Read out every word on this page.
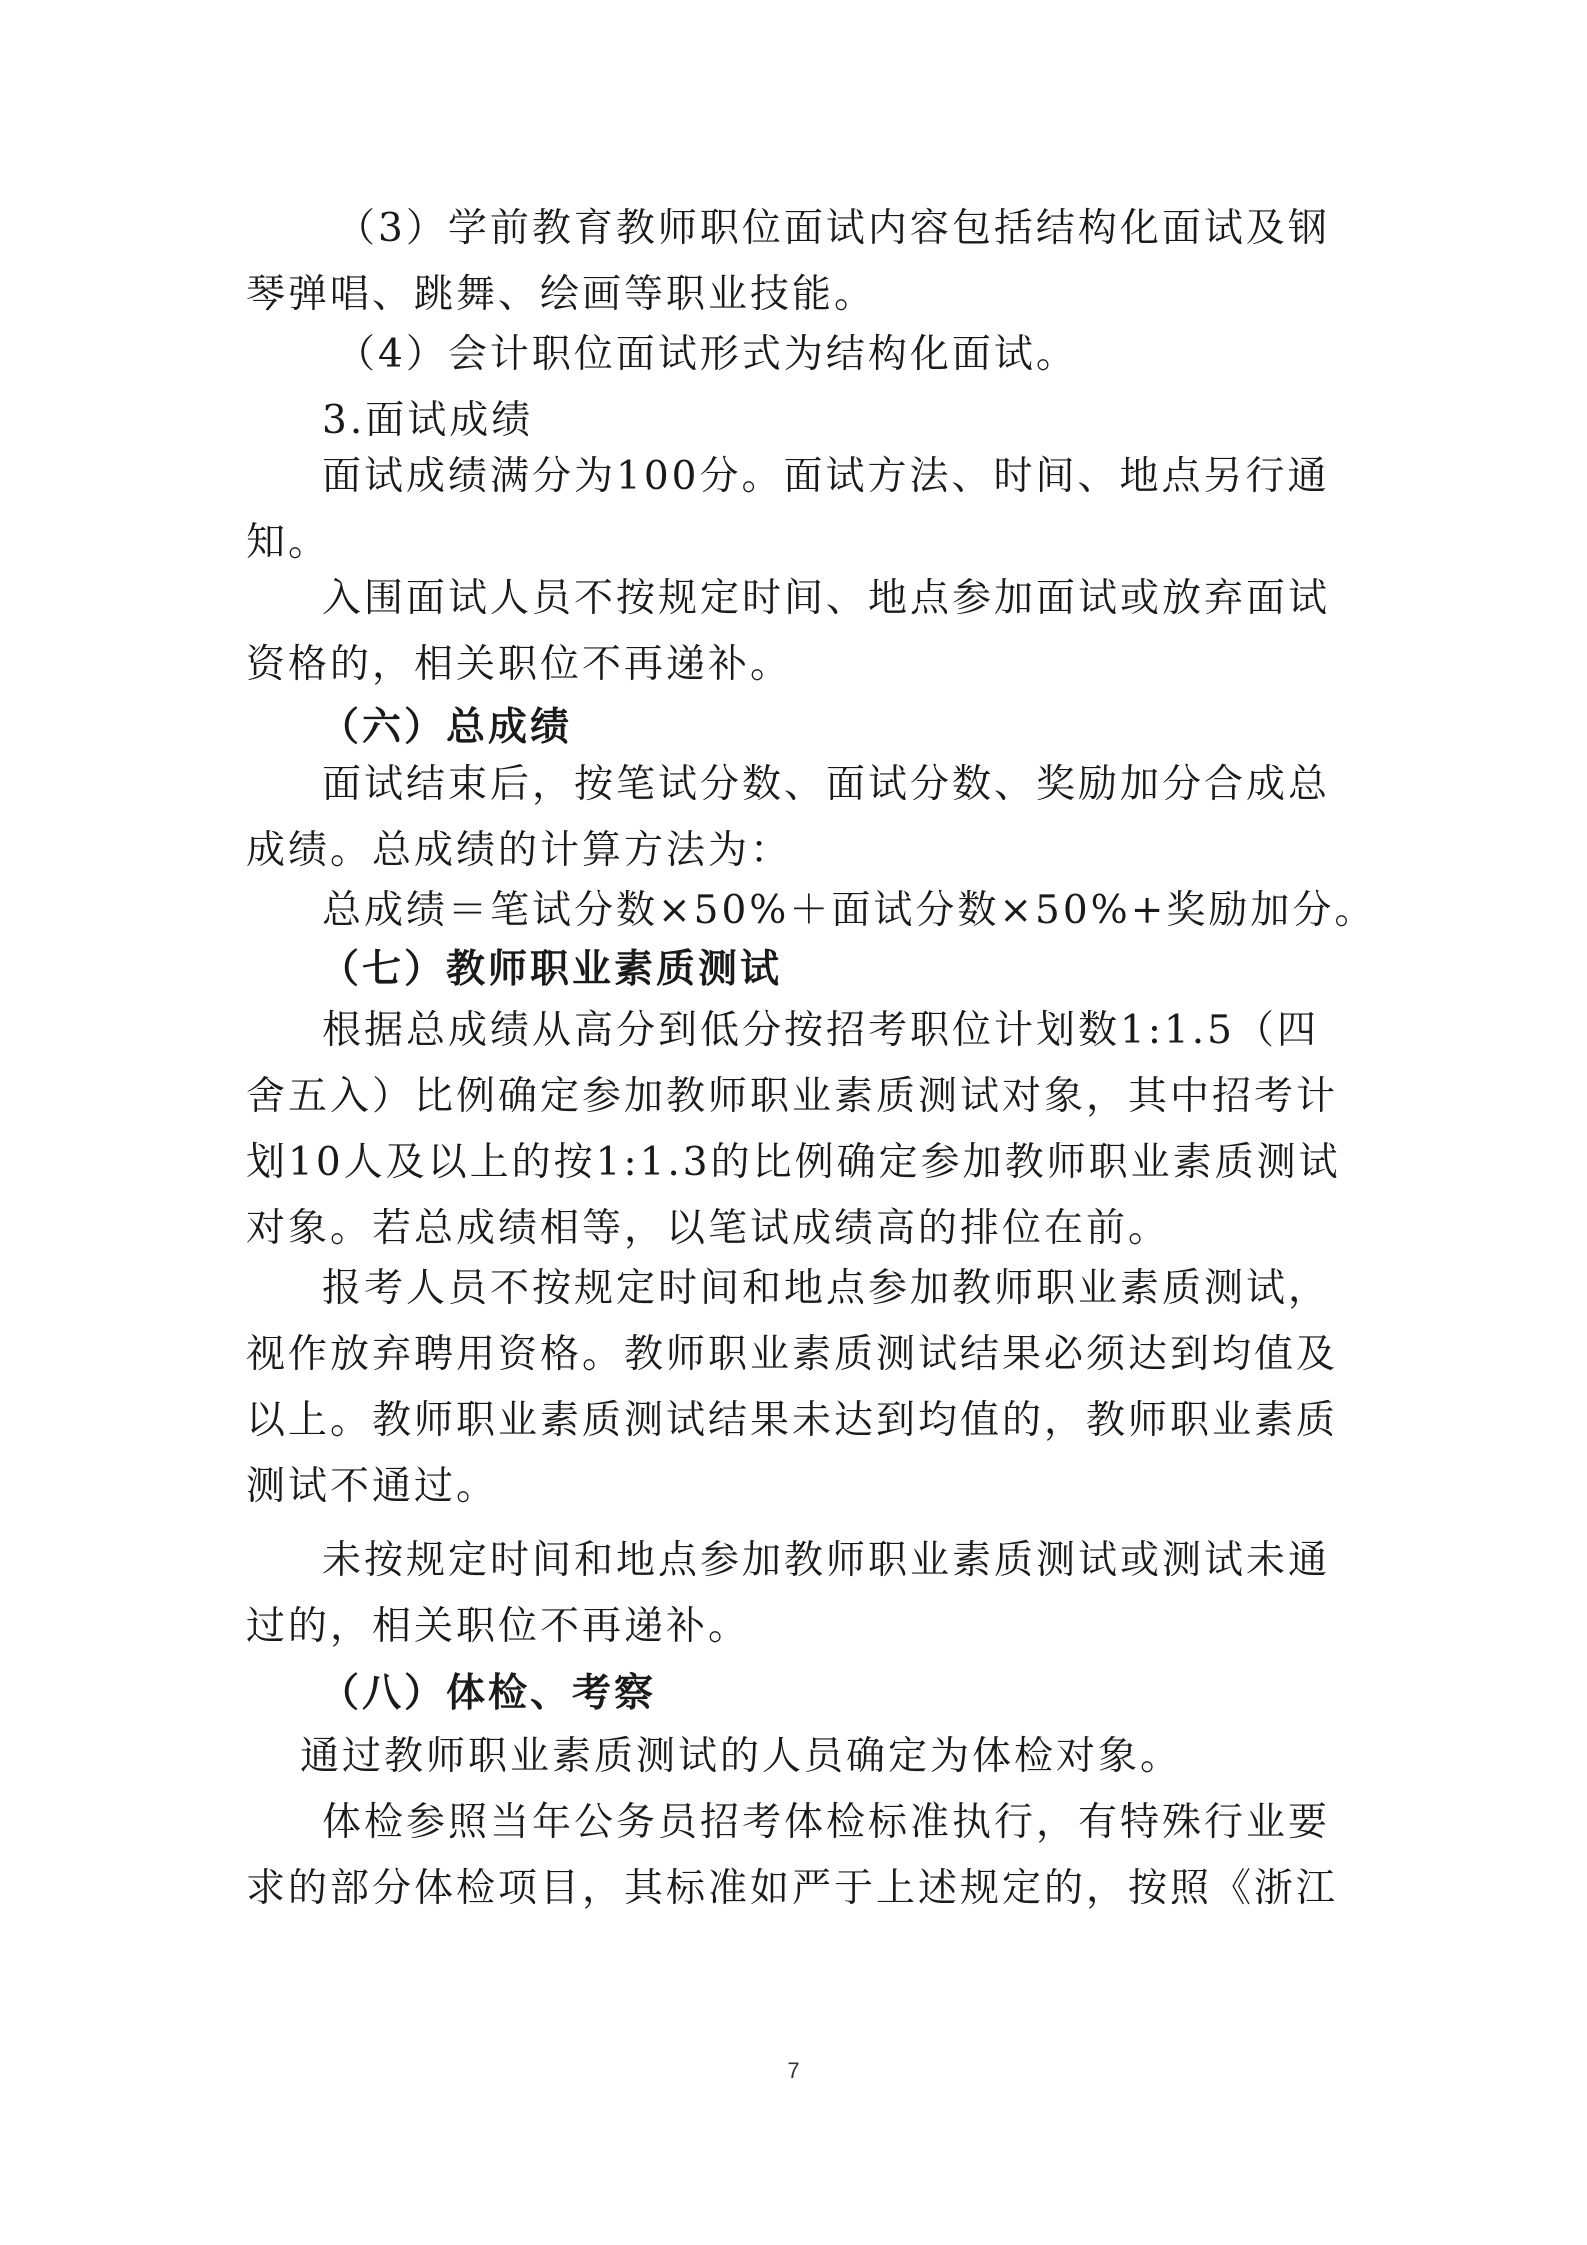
（3）学前教育教师职位面试内容包括结构化面试及钢琴弹唱、跳舞、绘画等职业技能。

（4）会计职位面试形式为结构化面试。

3.面试成绩

面试成绩满分为100分。面试方法、时间、地点另行通知。

入围面试人员不按规定时间、地点参加面试或放弃面试资格的，相关职位不再递补。

（六）总成绩

面试结束后，按笔试分数、面试分数、奖励加分合成总成绩。总成绩的计算方法为：

总成绩＝笔试分数×50%＋面试分数×50%+奖励加分。

（七）教师职业素质测试

根据总成绩从高分到低分按招考职位计划数1:1.5（四舍五入）比例确定参加教师职业素质测试对象，其中招考计划10人及以上的按1:1.3的比例确定参加教师职业素质测试对象。若总成绩相等，以笔试成绩高的排位在前。

报考人员不按规定时间和地点参加教师职业素质测试，视作放弃聘用资格。教师职业素质测试结果必须达到均值及以上。教师职业素质测试结果未达到均值的，教师职业素质测试不通过。

未按规定时间和地点参加教师职业素质测试或测试未通过的，相关职位不再递补。

（八）体检、考察

通过教师职业素质测试的人员确定为体检对象。

体检参照当年公务员招考体检标准执行，有特殊行业要求的部分体检项目，其标准如严于上述规定的，按照《浙江

7
